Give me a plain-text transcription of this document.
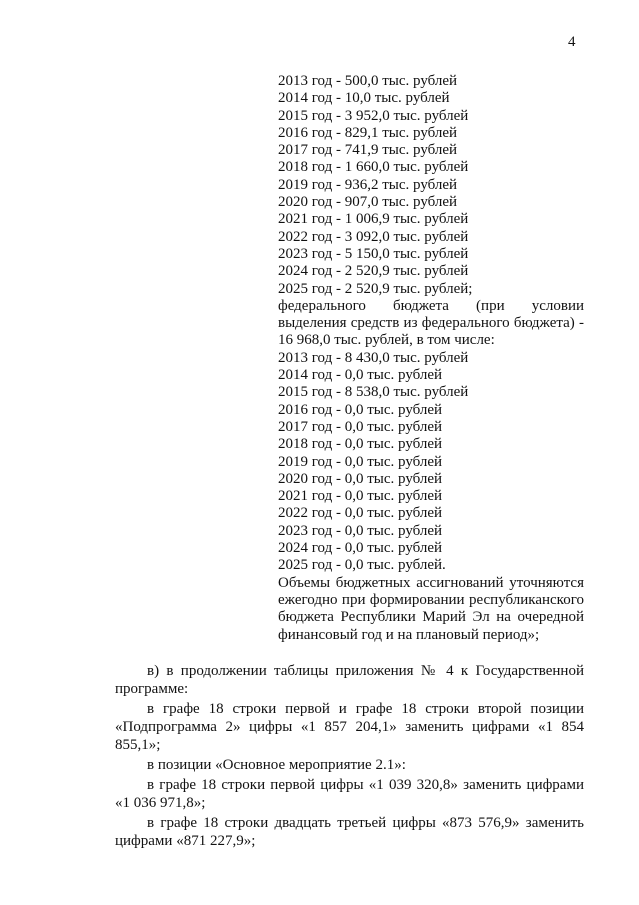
4
2013 год - 500,0 тыс. рублей
2014 год - 10,0 тыс. рублей
2015 год - 3 952,0 тыс. рублей
2016 год - 829,1 тыс. рублей
2017 год - 741,9 тыс. рублей
2018 год - 1 660,0 тыс. рублей
2019 год - 936,2 тыс. рублей
2020 год - 907,0 тыс. рублей
2021 год - 1 006,9 тыс. рублей
2022 год - 3 092,0 тыс. рублей
2023 год - 5 150,0 тыс. рублей
2024 год - 2 520,9 тыс. рублей
2025 год - 2 520,9 тыс. рублей;
федерального бюджета (при условии выделения средств из федерального бюджета) - 16 968,0 тыс. рублей, в том числе:
2013 год - 8 430,0 тыс. рублей
2014 год - 0,0 тыс. рублей
2015 год - 8 538,0 тыс. рублей
2016 год - 0,0 тыс. рублей
2017 год - 0,0 тыс. рублей
2018 год - 0,0 тыс. рублей
2019 год - 0,0 тыс. рублей
2020 год - 0,0 тыс. рублей
2021 год - 0,0 тыс. рублей
2022 год - 0,0 тыс. рублей
2023 год - 0,0 тыс. рублей
2024 год - 0,0 тыс. рублей
2025 год - 0,0 тыс. рублей.
Объемы бюджетных ассигнований уточняются ежегодно при формировании республиканского бюджета Республики Марий Эл на очередной финансовый год и на плановый период»;

в) в продолжении таблицы приложения № 4 к Государственной программе:

в графе 18 строки первой и графе 18 строки второй позиции «Подпрограмма 2» цифры «1 857 204,1» заменить цифрами «1 854 855,1»;

в позиции «Основное мероприятие 2.1»:

в графе 18 строки первой цифры «1 039 320,8» заменить цифрами «1 036 971,8»;

в графе 18 строки двадцать третьей цифры «873 576,9» заменить цифрами «871 227,9»;
